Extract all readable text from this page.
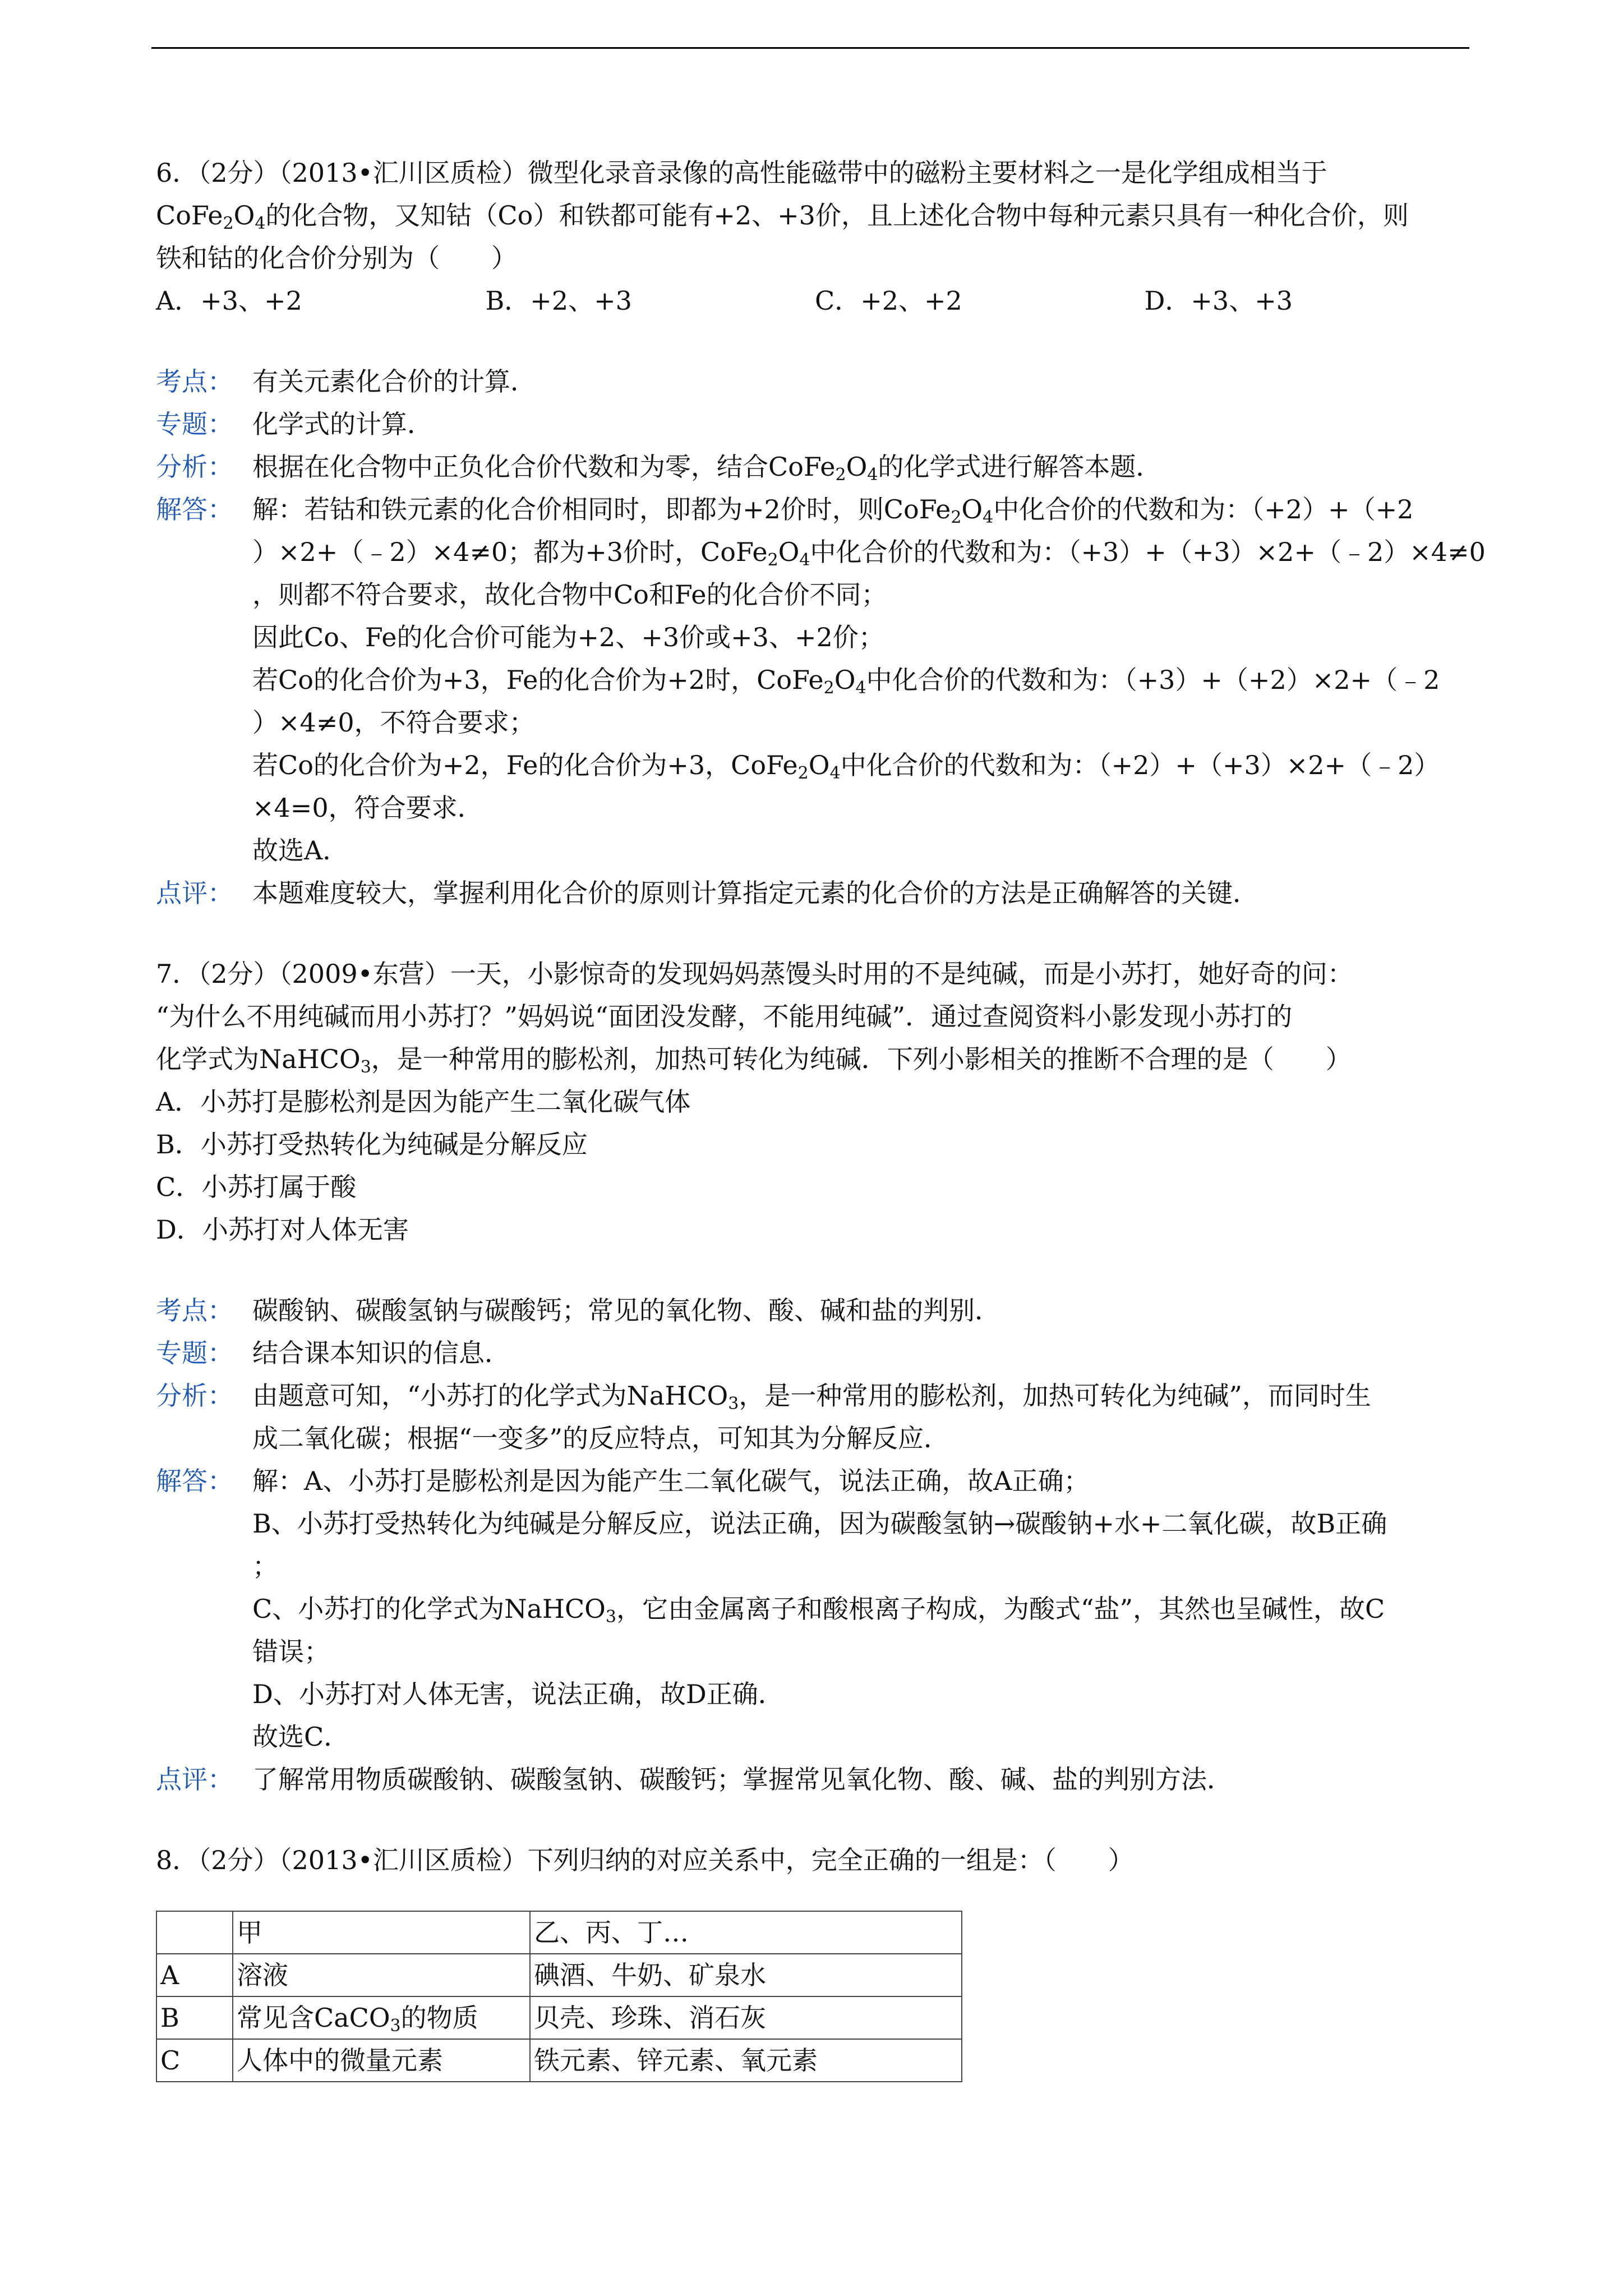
6．（2分）（2013•汇川区质检）微型化录音录像的高性能磁带中的磁粉主要材料之一是化学组成相当于
$CoFe_2O_4$的化合物，又知钴（Co）和铁都可能有+2、+3价，且上述化合物中每种元素只具有一种化合价，则
铁和钴的化合价分别为（　　）
A．+3、+2	B．+2、+3	C．+2、+2	D．+3、+3
考点： 有关元素化合价的计算．
专题： 化学式的计算．
分析： 根据在化合物中正负化合价代数和为零，结合$CoFe_2O_4$的化学式进行解答本题．
解答： 解：若钴和铁元素的化合价相同时，即都为+2价时，则$CoFe_2O_4$中化合价的代数和为：（+2）+（+2
）×2+（﹣2）×4≠0；都为+3价时，$CoFe_2O_4$中化合价的代数和为：（+3）+（+3）×2+（﹣2）×4≠0
，则都不符合要求，故化合物中Co和Fe的化合价不同；
因此Co、Fe的化合价可能为+2、+3价或+3、+2价；
若Co的化合价为+3，Fe的化合价为+2时，$CoFe_2O_4$中化合价的代数和为：（+3）+（+2）×2+（﹣2
）×4≠0，不符合要求；
若Co的化合价为+2，Fe的化合价为+3，$CoFe_2O_4$中化合价的代数和为：（+2）+（+3）×2+（﹣2）
×4=0，符合要求．
故选A．
点评： 本题难度较大，掌握利用化合价的原则计算指定元素的化合价的方法是正确解答的关键．
7．（2分）（2009•东营）一天，小影惊奇的发现妈妈蒸馒头时用的不是纯碱，而是小苏打，她好奇的问：
“为什么不用纯碱而用小苏打？”妈妈说“面团没发酵，不能用纯碱”．通过查阅资料小影发现小苏打的
化学式为NaHCO$_3$，是一种常用的膨松剂，加热可转化为纯碱．下列小影相关的推断不合理的是（　　）
A．小苏打是膨松剂是因为能产生二氧化碳气体
B．小苏打受热转化为纯碱是分解反应
C．小苏打属于酸
D．小苏打对人体无害
考点： 碳酸钠、碳酸氢钠与碳酸钙；常见的氧化物、酸、碱和盐的判别．
专题： 结合课本知识的信息．
分析： 由题意可知，“小苏打的化学式为NaHCO$_3$，是一种常用的膨松剂，加热可转化为纯碱”，而同时生
成二氧化碳；根据“一变多”的反应特点，可知其为分解反应．
解答： 解：A、小苏打是膨松剂是因为能产生二氧化碳气，说法正确，故A正确；
B、小苏打受热转化为纯碱是分解反应，说法正确，因为碳酸氢钠→碳酸钠+水+二氧化碳，故B正确
；
C、小苏打的化学式为NaHCO$_3$，它由金属离子和酸根离子构成，为酸式“盐”，其然也呈碱性，故C
错误；
D、小苏打对人体无害，说法正确，故D正确．
故选C．
点评： 了解常用物质碳酸钠、碳酸氢钠、碳酸钙；掌握常见氧化物、酸、碱、盐的判别方法．
8．（2分）（2013•汇川区质检）下列归纳的对应关系中，完全正确的一组是：（　　）
	甲	乙、丙、丁…
A	溶液	碘酒、牛奶、矿泉水
B	常见含CaCO$_3$的物质	贝壳、珍珠、消石灰
C	人体中的微量元素	铁元素、锌元素、氧元素
